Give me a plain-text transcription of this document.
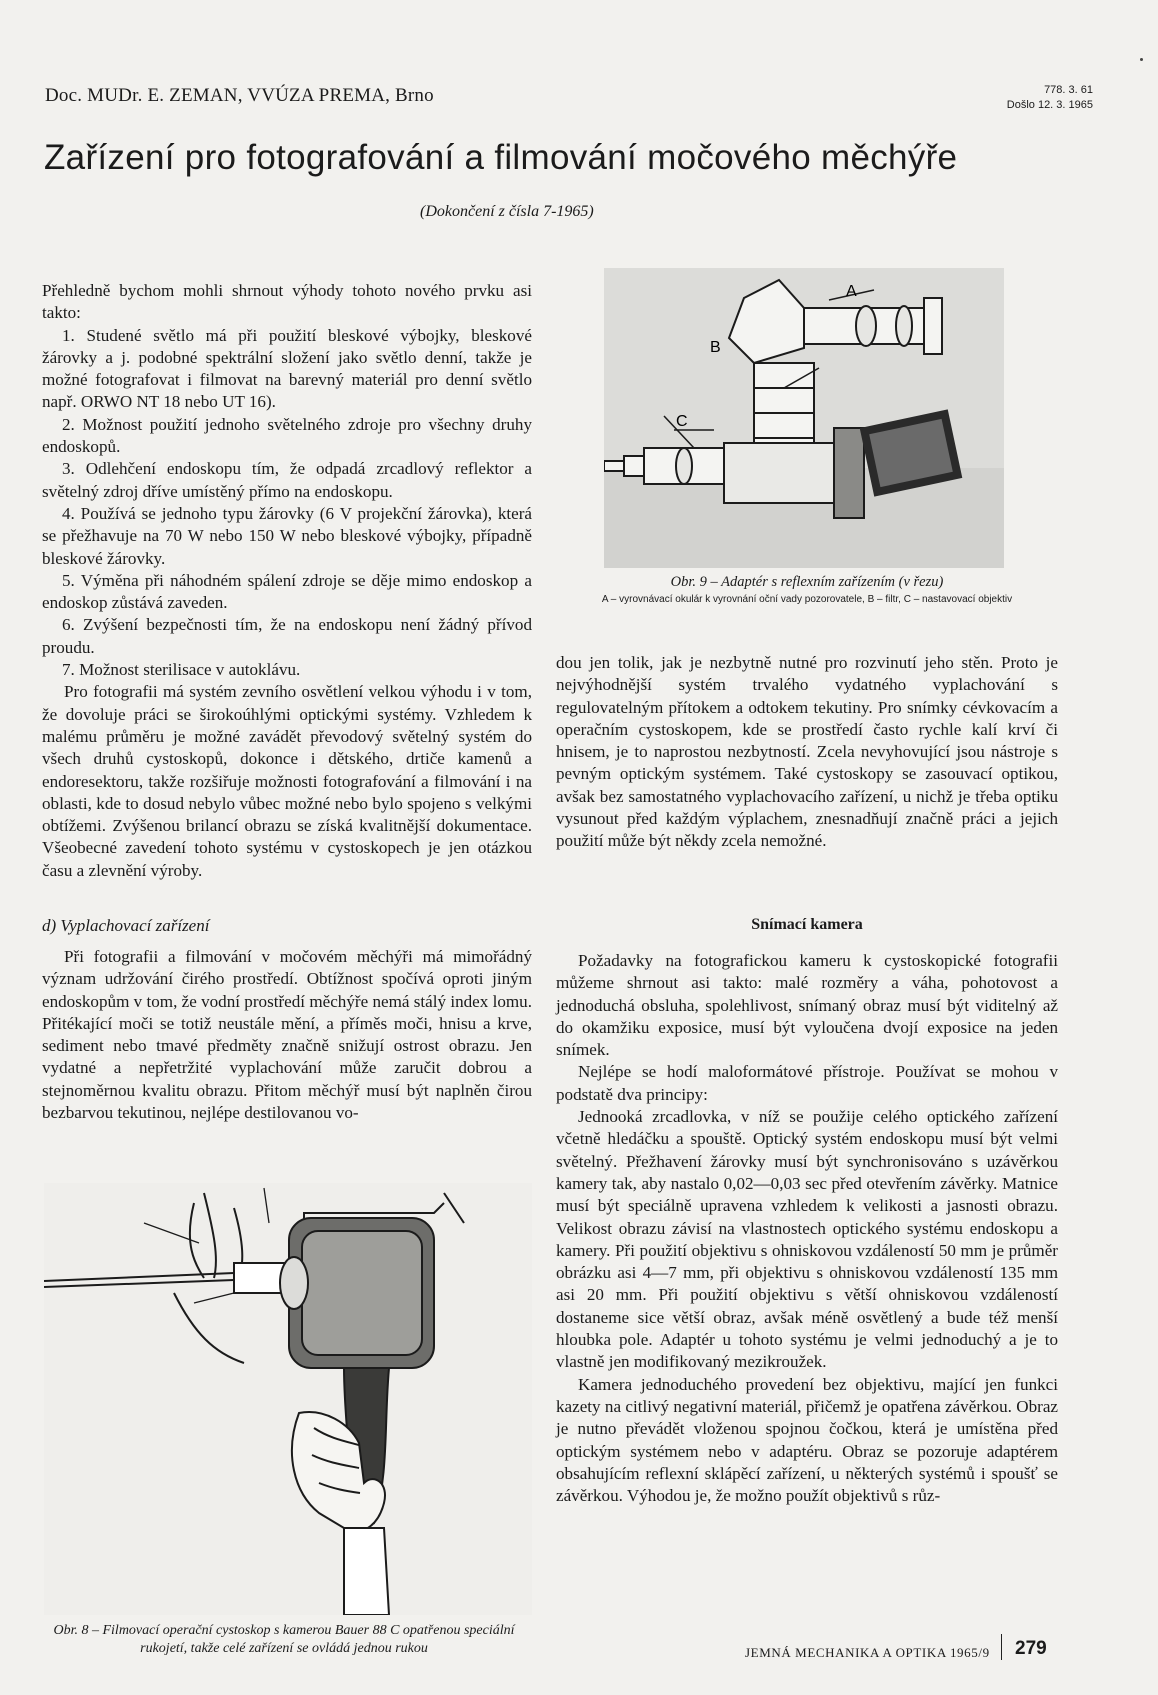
Doc. MUDr. E. ZEMAN, VVÚZA PREMA, Brno	778. 3. 61
Došlo 12. 3. 1965
Zařízení pro fotografování a filmování močového měchýře
(Dokončení z čísla 7-1965)
A
B
C
Obr. 9 – Adaptér s reflexním zařízením (v řezu)
A – vyrovnávací okulár k vyrovnání oční vady pozorovatele, B – filtr, C – nastavovací objektiv

Přehledně bychom mohli shrnout výhody tohoto nového prvku asi takto:

1. Studené světlo má při použití bleskové výbojky, bleskové žárovky a j. podobné spektrální složení jako světlo denní, takže je možné fotografovat i filmovat na barevný materiál pro denní světlo např. ORWO NT 18 nebo UT 16).

2. Možnost použití jednoho světelného zdroje pro všechny druhy endoskopů.

3. Odlehčení endoskopu tím, že odpadá zrcadlový reflektor a světelný zdroj dříve umístěný přímo na endoskopu.

4. Používá se jednoho typu žárovky (6 V projekční žárovka), která se přežhavuje na 70 W nebo 150 W nebo bleskové výbojky, případně bleskové žárovky.

5. Výměna při náhodném spálení zdroje se děje mimo endoskop a endoskop zůstává zaveden.

6. Zvýšení bezpečnosti tím, že na endoskopu není žádný přívod proudu.

7. Možnost sterilisace v autoklávu.

Pro fotografii má systém zevního osvětlení velkou výhodu i v tom, že dovoluje práci se širokoúhlými optickými systémy. Vzhledem k malému průměru je možné zavádět převodový světelný systém do všech druhů cystoskopů, dokonce i dětského, drtiče kamenů a endoresektoru, takže rozšiřuje možnosti fotografování a filmování i na oblasti, kde to dosud nebylo vůbec možné nebo bylo spojeno s velkými obtížemi. Zvýšenou brilancí obrazu se získá kvalitnější dokumentace. Všeobecné zavedení tohoto systému v cystoskopech je jen otázkou času a zlevnění výroby.

d) Vyplachovací zařízení

Při fotografii a filmování v močovém měchýři má mimořádný význam udržování čirého prostředí. Obtížnost spočívá oproti jiným endoskopům v tom, že vodní prostředí měchýře nemá stálý index lomu. Přitékající moči se totiž neustále mění, a příměs moči, hnisu a krve, sediment nebo tmavé předměty značně snižují ostrost obrazu. Jen vydatné a nepřetržité vyplachování může zaručit dobrou a stejnoměrnou kvalitu obrazu. Přitom měchýř musí být naplněn čirou bezbarvou tekutinou, nejlépe destilovanou vo-

Obr. 8 – Filmovací operační cystoskop s kamerou Bauer 88 C opatřenou speciální rukojetí, takže celé zařízení se ovládá jednou rukou

dou jen tolik, jak je nezbytně nutné pro rozvinutí jeho stěn. Proto je nejvýhodnější systém trvalého vydatného vyplachování s regulovatelným přítokem a odtokem tekutiny. Pro snímky cévkovacím a operačním cystoskopem, kde se prostředí často rychle kalí krví či hnisem, je to naprostou nezbytností. Zcela nevyhovující jsou nástroje s pevným optickým systémem. Také cystoskopy se zasouvací optikou, avšak bez samostatného vyplachovacího zařízení, u nichž je třeba optiku vysunout před každým výplachem, znesnadňují značně práci a jejich použití může být někdy zcela nemožné.

Snímací kamera

Požadavky na fotografickou kameru k cystoskopické fotografii můžeme shrnout asi takto: malé rozměry a váha, pohotovost a jednoduchá obsluha, spolehlivost, snímaný obraz musí být viditelný až do okamžiku exposice, musí být vyloučena dvojí exposice na jeden snímek.

Nejlépe se hodí maloformátové přístroje. Používat se mohou v podstatě dva principy:

Jednooká zrcadlovka, v níž se použije celého optického zařízení včetně hledáčku a spouště. Optický systém endoskopu musí být velmi světelný. Přežhavení žárovky musí být synchronisováno s uzávěrkou kamery tak, aby nastalo 0,02—0,03 sec před otevřením závěrky. Matnice musí být speciálně upravena vzhledem k velikosti a jasnosti obrazu. Velikost obrazu závisí na vlastnostech optického systému endoskopu a kamery. Při použití objektivu s ohniskovou vzdáleností 50 mm je průměr obrázku asi 4—7 mm, při objektivu s ohniskovou vzdáleností 135 mm asi 20 mm. Při použití objektivu s větší ohniskovou vzdáleností dostaneme sice větší obraz, avšak méně osvětlený a bude též menší hloubka pole. Adaptér u tohoto systému je velmi jednoduchý a je to vlastně jen modifikovaný mezikroužek.

Kamera jednoduchého provedení bez objektivu, mající jen funkci kazety na citlivý negativní materiál, přičemž je opatřena závěrkou. Obraz je nutno převádět vloženou spojnou čočkou, která je umístěna před optickým systémem nebo v adaptéru. Obraz se pozoruje adaptérem obsahujícím reflexní sklápěcí zařízení, u některých systémů i spoušť se závěrkou. Výhodou je, že možno použít objektivů s růz-

JEMNÁ MECHANIKA A OPTIKA 1965/9 279
